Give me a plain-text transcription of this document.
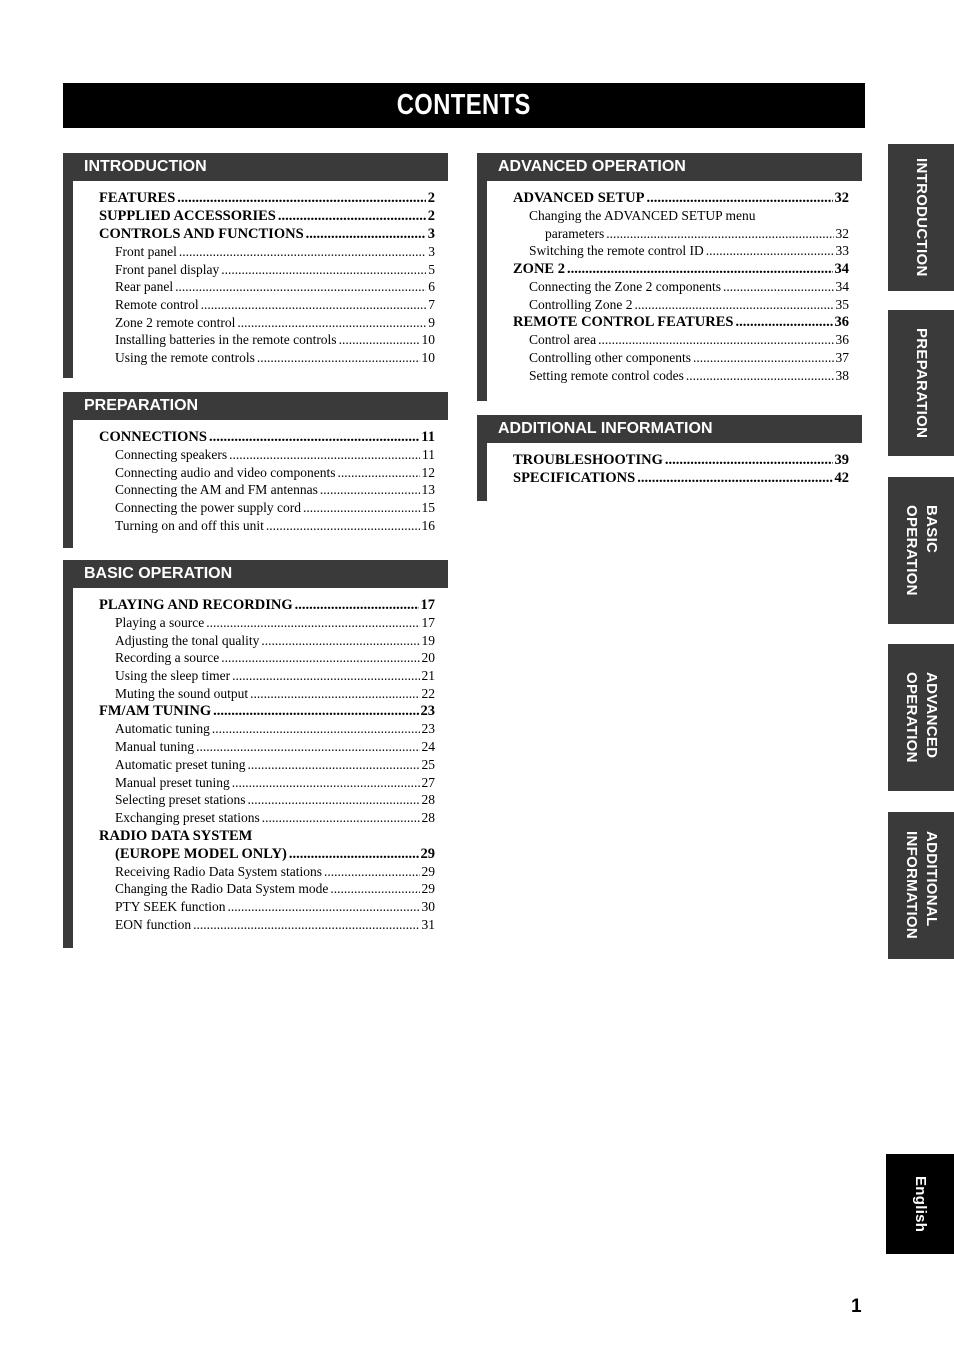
CONTENTS
INTRODUCTION
FEATURES .....	2
SUPPLIED ACCESSORIES .....	2
CONTROLS AND FUNCTIONS .....	3
Front panel .....	3
Front panel display .....	5
Rear panel .....	6
Remote control .....	7
Zone 2 remote control .....	9
Installing batteries in the remote controls .....	10
Using the remote controls .....	10
PREPARATION
CONNECTIONS .....	11
Connecting speakers .....	11
Connecting audio and video components .....	12
Connecting the AM and FM antennas .....	13
Connecting the power supply cord .....	15
Turning on and off this unit .....	16
BASIC OPERATION
PLAYING AND RECORDING .....	17
Playing a source .....	17
Adjusting the tonal quality .....	19
Recording a source .....	20
Using the sleep timer .....	21
Muting the sound output .....	22
FM/AM TUNING .....	23
Automatic tuning .....	23
Manual tuning .....	24
Automatic preset tuning .....	25
Manual preset tuning .....	27
Selecting preset stations .....	28
Exchanging preset stations .....	28
RADIO DATA SYSTEM
(EUROPE MODEL ONLY) .....	29
Receiving Radio Data System stations .....	29
Changing the Radio Data System mode .....	29
PTY SEEK function .....	30
EON function .....	31
ADVANCED OPERATION
ADVANCED SETUP .....	32
Changing the ADVANCED SETUP menu
parameters .....	32
Switching the remote control ID .....	33
ZONE 2 .....	34
Connecting the Zone 2 components .....	34
Controlling Zone 2 .....	35
REMOTE CONTROL FEATURES .....	36
Control area .....	36
Controlling other components .....	37
Setting remote control codes .....	38
ADDITIONAL INFORMATION
TROUBLESHOOTING .....	39
SPECIFICATIONS .....	42
INTRODUCTION
PREPARATION
BASIC
OPERATION
ADVANCED
OPERATION
ADDITIONAL
INFORMATION
English
1
